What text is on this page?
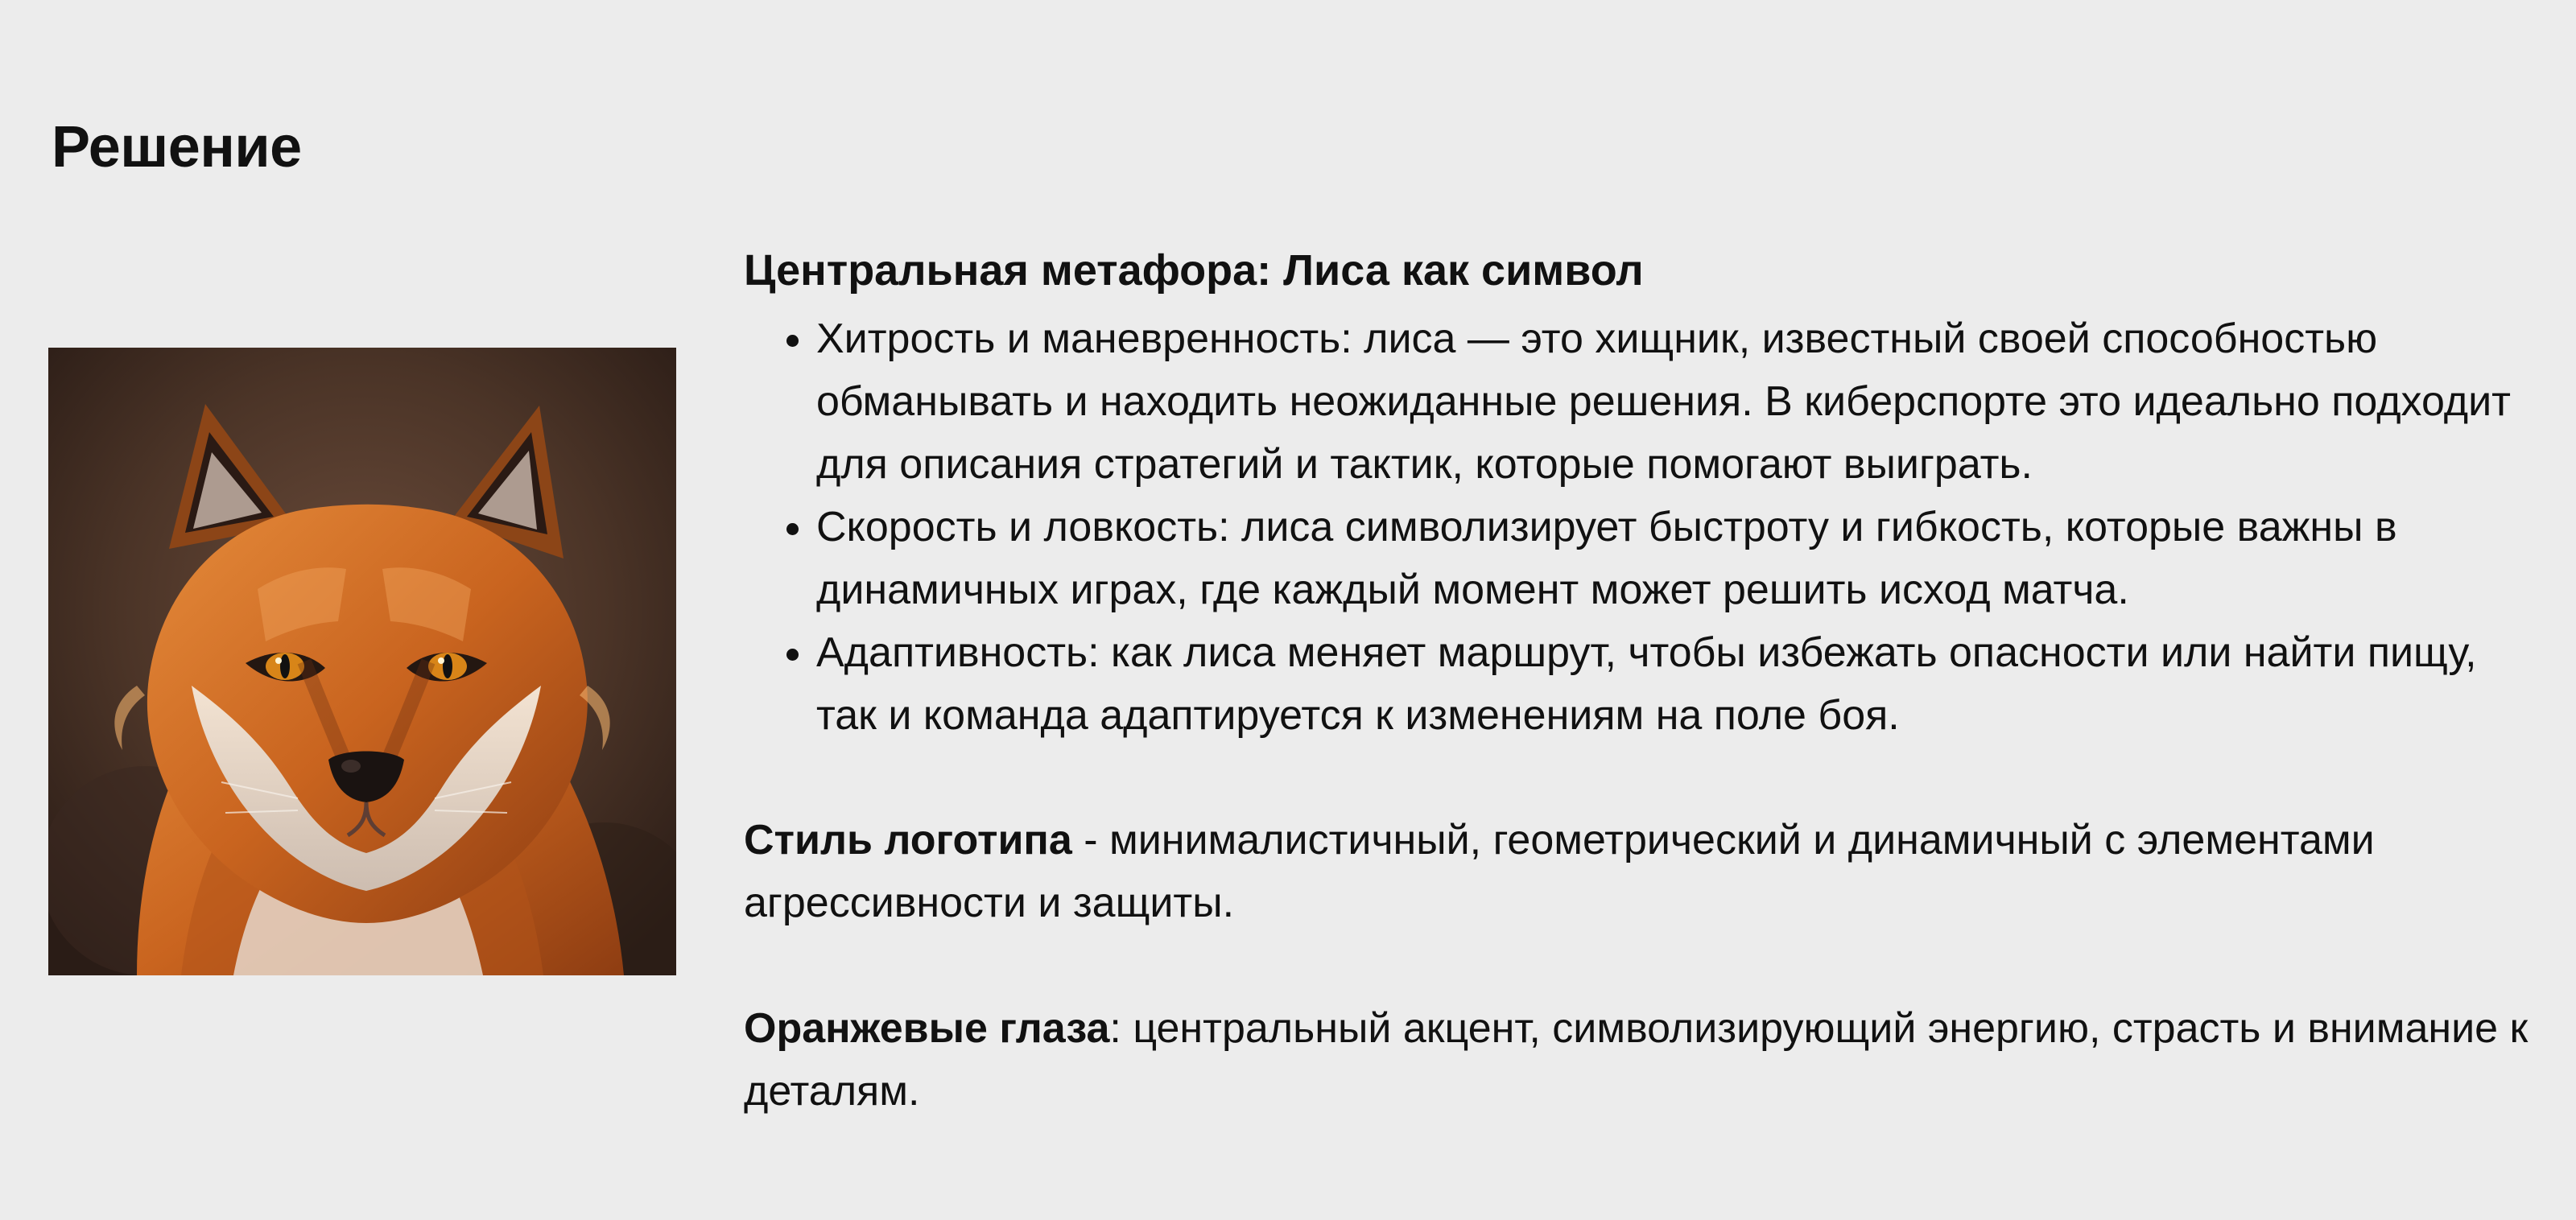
Решение

Центральная метафора: Лиса как символ

• Хитрость и маневренность: лиса — это хищник, известный своей способностью обманывать и находить неожиданные решения. В киберспорте это идеально подходит для описания стратегий и тактик, которые помогают выиграть.
• Скорость и ловкость: лиса символизирует быстроту и гибкость, которые важны в динамичных играх, где каждый момент может решить исход матча.
• Адаптивность: как лиса меняет маршрут, чтобы избежать опасности или найти пищу, так и команда адаптируется к изменениям на поле боя.

Стиль логотипа - минималистичный, геометрический и динамичный с элементами агрессивности и защиты.

Оранжевые глаза: центральный акцент, символизирующий энергию, страсть и внимание к деталям.
